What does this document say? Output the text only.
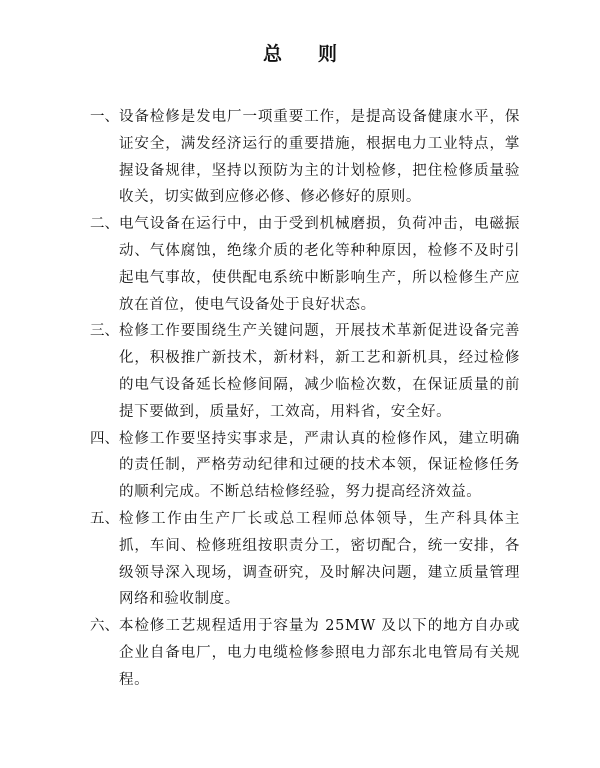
总则
一、 设备检修是发电厂一项重要工作，是提高设备健康水平，保证安全，满发经济运行的重要措施，根据电力工业特点，掌握设备规律，坚持以预防为主的计划检修，把住检修质量验收关，切实做到应修必修、修必修好的原则。
二、 电气设备在运行中，由于受到机械磨损，负荷冲击，电磁振动、气体腐蚀，绝缘介质的老化等种种原因，检修不及时引起电气事故，使供配电系统中断影响生产，所以检修生产应放在首位，使电气设备处于良好状态。
三、 检修工作要围绕生产关键问题，开展技术革新促进设备完善化，积极推广新技术，新材料，新工艺和新机具，经过检修的电气设备延长检修间隔，减少临检次数，在保证质量的前提下要做到，质量好，工效高，用料省，安全好。
四、 检修工作要坚持实事求是，严肃认真的检修作风，建立明确的责任制，严格劳动纪律和过硬的技术本领，保证检修任务的顺利完成。不断总结检修经验，努力提高经济效益。
五、 检修工作由生产厂长或总工程师总体领导，生产科具体主抓，车间、检修班组按职责分工，密切配合，统一安排，各级领导深入现场，调查研究，及时解决问题，建立质量管理网络和验收制度。
六、 本检修工艺规程适用于容量为 25MW 及以下的地方自办或企业自备电厂，电力电缆检修参照电力部东北电管局有关规程。
